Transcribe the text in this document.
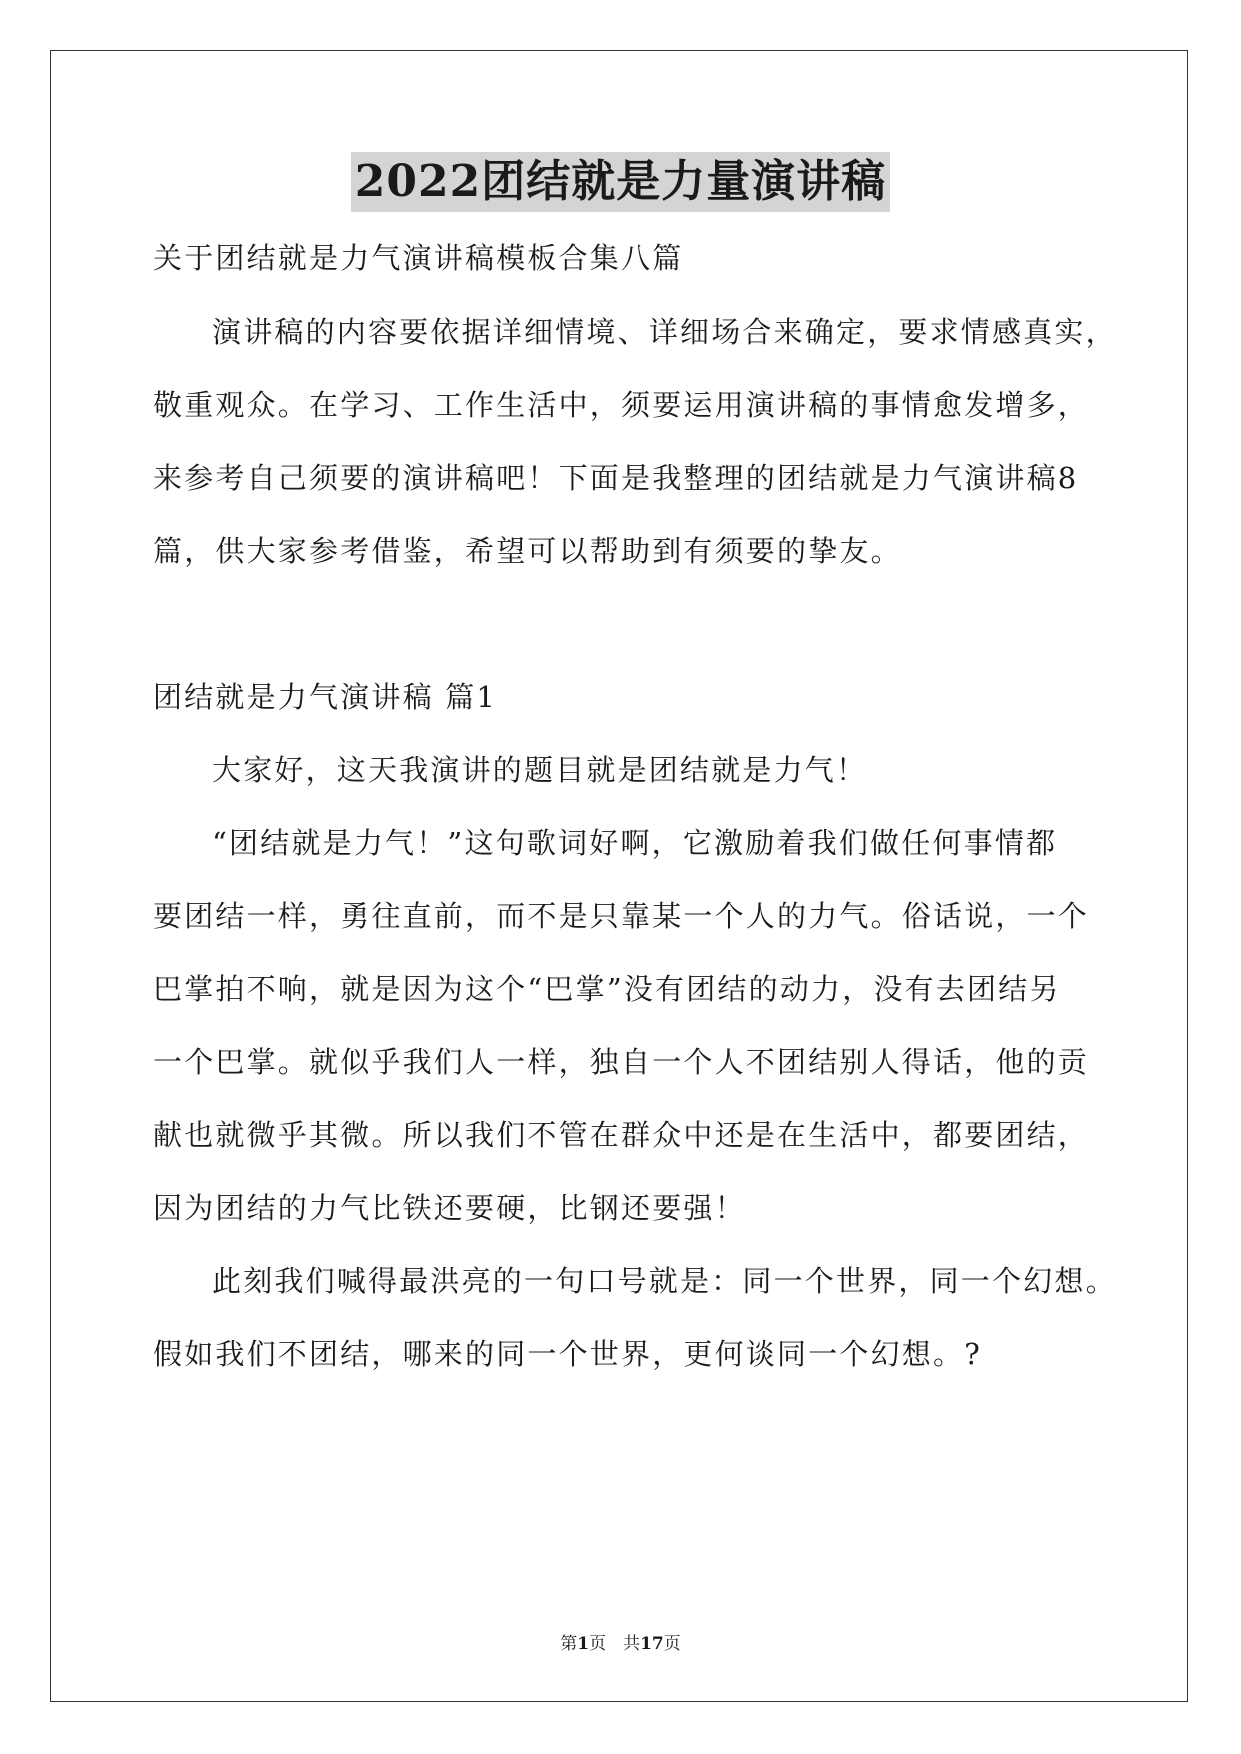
2022团结就是力量演讲稿
关于团结就是力气演讲稿模板合集八篇
演讲稿的内容要依据详细情境、详细场合来确定，要求情感真实，
敬重观众。在学习、工作生活中，须要运用演讲稿的事情愈发增多，
来参考自己须要的演讲稿吧！下面是我整理的团结就是力气演讲稿8
篇，供大家参考借鉴，希望可以帮助到有须要的挚友。
团结就是力气演讲稿 篇1
大家好，这天我演讲的题目就是团结就是力气！
“团结就是力气！”这句歌词好啊，它激励着我们做任何事情都
要团结一样，勇往直前，而不是只靠某一个人的力气。俗话说，一个
巴掌拍不响，就是因为这个“巴掌”没有团结的动力，没有去团结另
一个巴掌。就似乎我们人一样，独自一个人不团结别人得话，他的贡
献也就微乎其微。所以我们不管在群众中还是在生活中，都要团结，
因为团结的力气比铁还要硬，比钢还要强！
此刻我们喊得最洪亮的一句口号就是：同一个世界，同一个幻想。
假如我们不团结，哪来的同一个世界，更何谈同一个幻想。?
第1页　共17页
